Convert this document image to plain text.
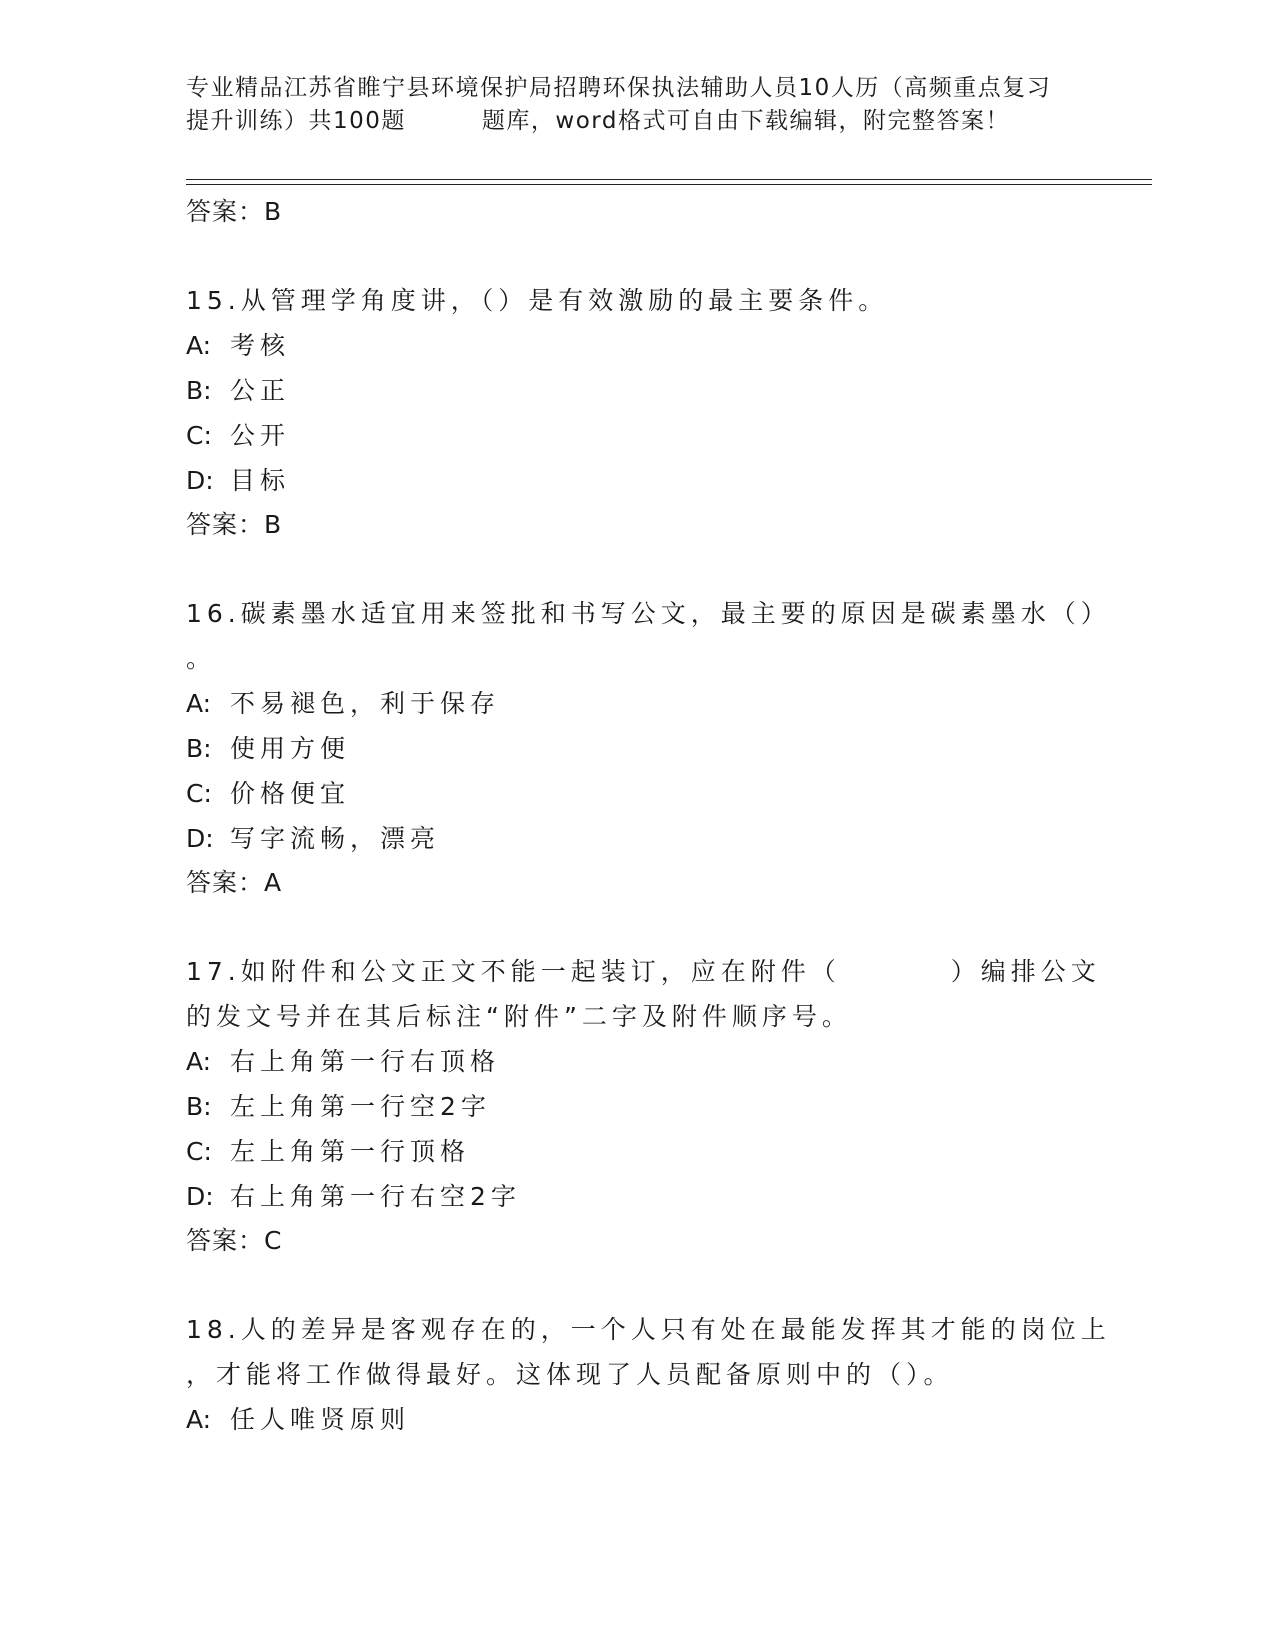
专业精品江苏省睢宁县环境保护局招聘环保执法辅助人员10人历（高频重点复习
提升训练）共100题	题库，word格式可自由下载编辑，附完整答案！
答案：B
15.从管理学角度讲，（）是有效激励的最主要条件。
A: 考核
B: 公正
C: 公开
D: 目标
答案：B
16.碳素墨水适宜用来签批和书写公文，最主要的原因是碳素墨水（）
。
A: 不易褪色，利于保存
B: 使用方便
C: 价格便宜
D: 写字流畅，漂亮
答案：A
17.如附件和公文正文不能一起装订，应在附件（	）编排公文
的发文号并在其后标注“附件”二字及附件顺序号。
A: 右上角第一行右顶格
B: 左上角第一行空2字
C: 左上角第一行顶格
D: 右上角第一行右空2字
答案：C
18.人的差异是客观存在的，一个人只有处在最能发挥其才能的岗位上
，才能将工作做得最好。这体现了人员配备原则中的（）。
A: 任人唯贤原则
